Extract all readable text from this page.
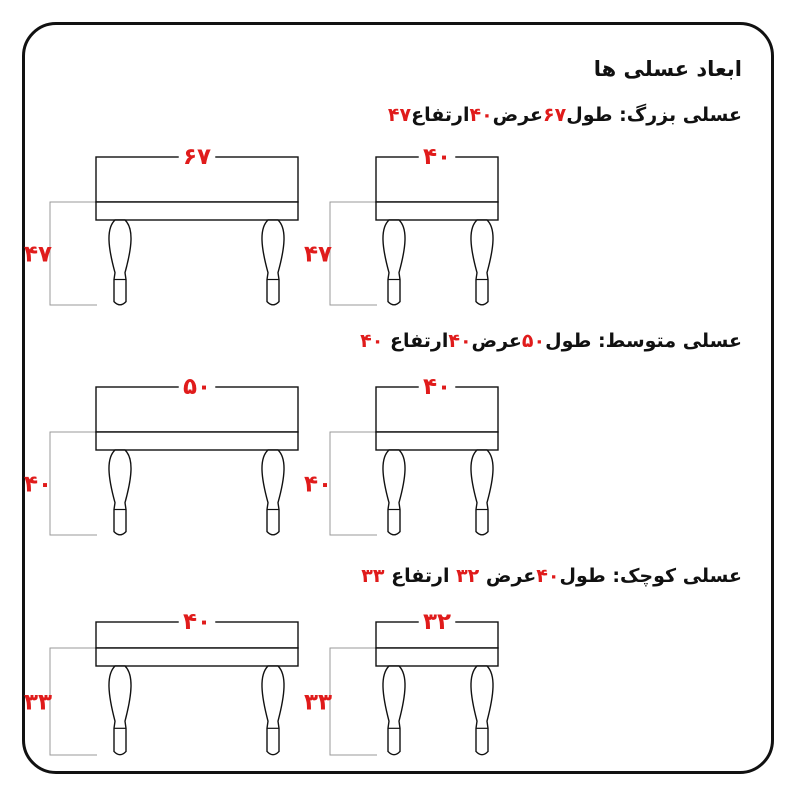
ابعاد عسلی ها
عسلی بزرگ: طول۶۷عرض۴۰ارتفاع۴۷
عسلی متوسط: طول۵۰عرض۴۰ارتفاع ۴۰
عسلی کوچک: طول۴۰عرض ۳۲ ارتفاع ۳۳
۶۷
۴۷
۴۰
۴۷
۵۰
۴۰
۴۰
۴۰
۴۰
۳۳
۳۲
۳۳
